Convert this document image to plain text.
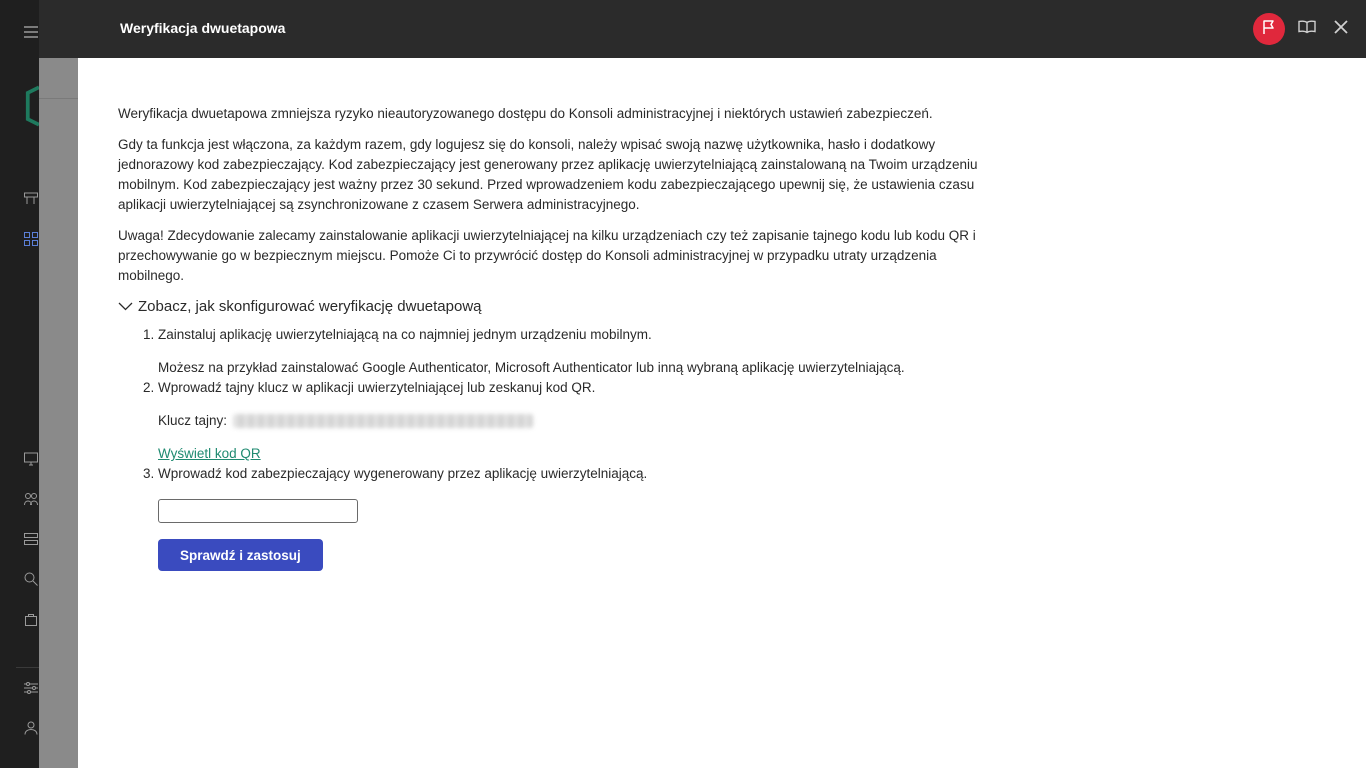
Weryfikacja dwuetapowa

Weryfikacja dwuetapowa zmniejsza ryzyko nieautoryzowanego dostępu do Konsoli administracyjnej i niektórych ustawień zabezpieczeń.

Gdy ta funkcja jest włączona, za każdym razem, gdy logujesz się do konsoli, należy wpisać swoją nazwę użytkownika, hasło i dodatkowy jednorazowy kod zabezpieczający. Kod zabezpieczający jest generowany przez aplikację uwierzytelniającą zainstalowaną na Twoim urządzeniu mobilnym. Kod zabezpieczający jest ważny przez 30 sekund. Przed wprowadzeniem kodu zabezpieczającego upewnij się, że ustawienia czasu aplikacji uwierzytelniającej są zsynchronizowane z czasem Serwera administracyjnego.

Uwaga! Zdecydowanie zalecamy zainstalowanie aplikacji uwierzytelniającej na kilku urządzeniach czy też zapisanie tajnego kodu lub kodu QR i przechowywanie go w bezpiecznym miejscu. Pomoże Ci to przywrócić dostęp do Konsoli administracyjnej w przypadku utraty urządzenia mobilnego.

Zobacz, jak skonfigurować weryfikację dwuetapową
1. Zainstaluj aplikację uwierzytelniającą na co najmniej jednym urządzeniu mobilnym.
Możesz na przykład zainstalować Google Authenticator, Microsoft Authenticator lub inną wybraną aplikację uwierzytelniającą.
2. Wprowadź tajny klucz w aplikacji uwierzytelniającej lub zeskanuj kod QR.
Klucz tajny:
Wyświetl kod QR
3. Wprowadź kod zabezpieczający wygenerowany przez aplikację uwierzytelniającą.
Sprawdź i zastosuj
